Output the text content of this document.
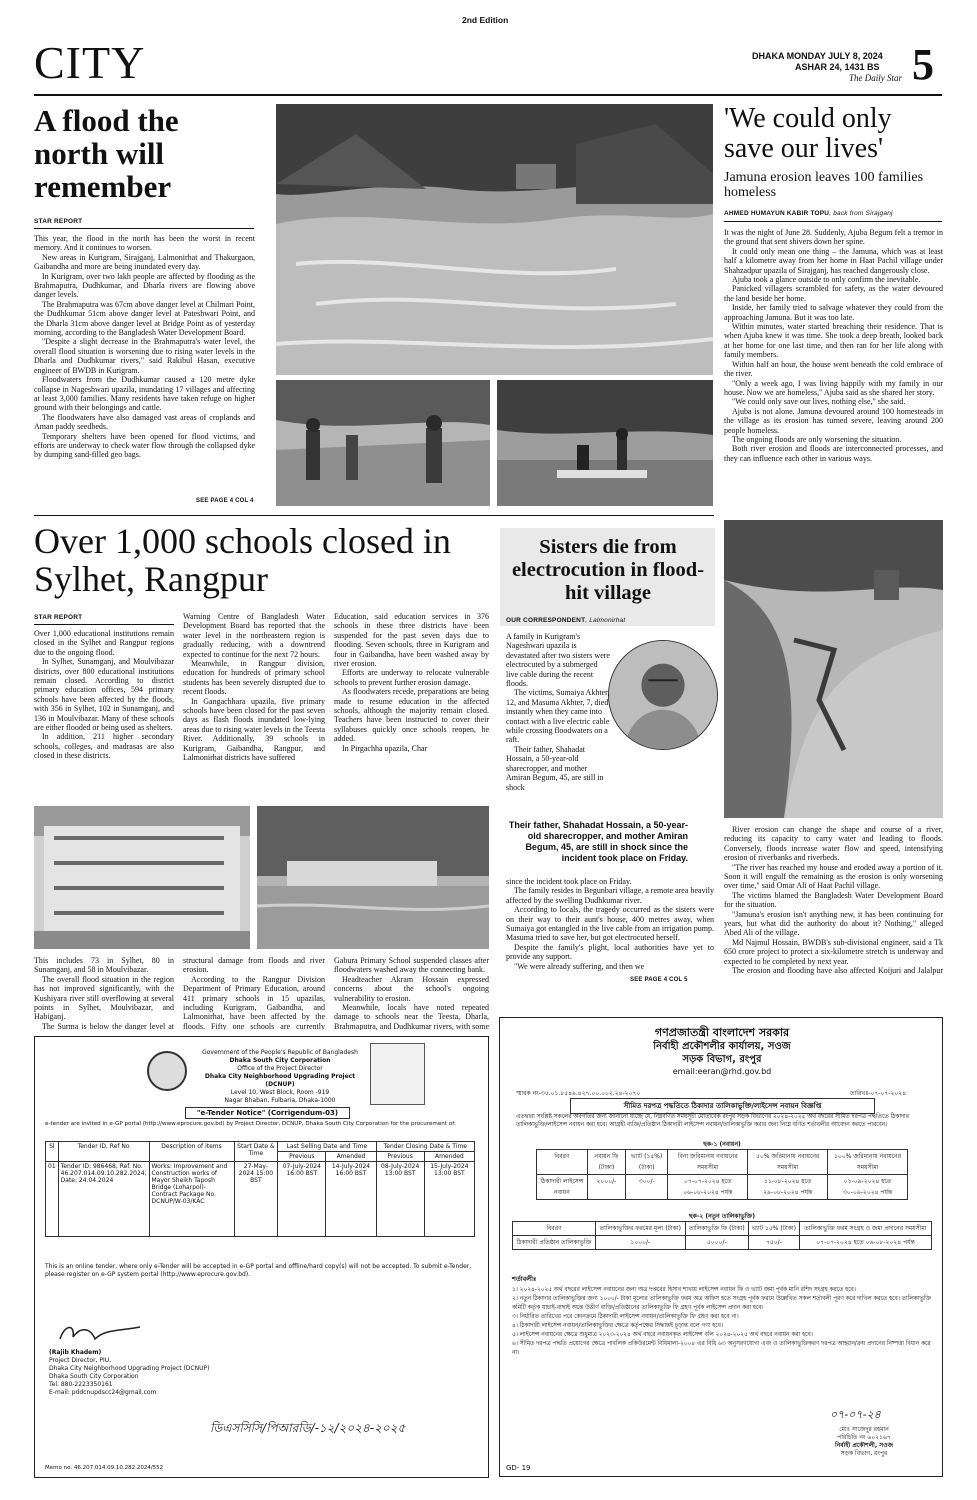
2nd Edition
CITY	DHAKA MONDAY JULY 8, 2024
ASHAR 24, 1431 BS
The Daily Star 5
A flood the north will remember
STAR REPORT

This year, the flood in the north has been the worst in recent memory. And it continues to worsen.

New areas in Kurigram, Sirajganj, Lalmonirhat and Thakurgaon, Gaibandha and more are being inundated every day.

In Kurigram, over two lakh people are affected by flooding as the Brahmaputra, Dudhkumar, and Dharla rivers are flowing above danger levels.

The Brahmaputra was 67cm above danger level at Chilmari Point, the Dudhkumar 51cm above danger level at Pateshwari Point, and the Dharla 31cm above danger level at Bridge Point as of yesterday morning, according to the Bangladesh Water Development Board.

"Despite a slight decrease in the Brahmaputra's water level, the overall flood situation is worsening due to rising water levels in the Dharla and Dudhkumar rivers," said Rakibul Hasan, executive engineer of BWDB in Kurigram.

Floodwaters from the Dudhkumar caused a 120 metre dyke collapse in Nageshwari upazila, inundating 17 villages and affecting at least 3,000 families. Many residents have taken refuge on higher ground with their belongings and cattle.

The floodwaters have also damaged vast areas of croplands and Aman paddy seedbeds.

Temporary shelters have been opened for flood victims, and efforts are underway to check water flow through the collapsed dyke by dumping sand-filled geo bags.

SEE PAGE 4 COL 4
'We could only save our lives'
Jamuna erosion leaves 100 families homeless
AHMED HUMAYUN KABIR TOPU, back from Sirajganj

It was the night of June 28. Suddenly, Ajuba Begum felt a tremor in the ground that sent shivers down her spine.

It could only mean one thing – the Jamuna, which was at least half a kilometre away from her home in Haat Pachil village under Shahzadpur upazila of Sirajganj, has reached dangerously close.

Ajuba took a glance outside to only confirm the inevitable.

Panicked villagers scrambled for safety, as the water devoured the land beside her home.

Inside, her family tried to salvage whatever they could from the approaching Jamuna. But it was too late.

Within minutes, water started breaching their residence. That is when Ajuba knew it was time. She took a deep breath, looked back at her home for one last time, and then ran for her life along with family members.

Within half an hour, the house went beneath the cold embrace of the river.

"Only a week ago, I was living happily with my family in our house. Now we are homeless," Ajuba said as she shared her story.

"We could only save our lives, nothing else," she said.

Ajuba is not alone. Jamuna devoured around 100 homesteads in the village as its erosion has turned severe, leaving around 200 people homeless.

The ongoing floods are only worsening the situation.

Both river erosion and floods are interconnected processes, and they can influence each other in various ways.

River erosion can change the shape and course of a river, reducing its capacity to carry water and leading to floods. Conversely, floods increase water flow and speed, intensifying erosion of riverbanks and riverbeds.

"The river has reached my house and eroded away a portion of it. Soon it will engulf the remaining as the erosion is only worsening over time," said Omar Ali of Haat Pachil village.

The victims blamed the Bangladesh Water Development Board for the situation.

"Jamuna's erosion isn't anything new, it has been continuing for years, but what did the authority do about it? Nothing," alleged Abed Ali of the village.

Md Najmul Hossain, BWDB's sub-divisional engineer, said a Tk 650 crore project to protect a six-kilometre stretch is underway and expected to be completed by next year.

The erosion and flooding have also affected Koijuri and Jalalpur

Over 1,000 schools closed in Sylhet, Rangpur
STAR REPORT

Over 1,000 educational institutions remain closed in the Sylhet and Rangpur regions due to the ongoing flood.

In Sylhet, Sunamganj, and Moulvibazar districts, over 800 educational institutions remain closed. According to district primary education offices, 594 primary schools have been affected by the floods, with 356 in Sylhet, 102 in Sunamganj, and 136 in Moulvibazar. Many of these schools are either flooded or being used as shelters.

In addition, 211 higher secondary schools, colleges, and madrasas are also closed in these districts.

Warning Centre of Bangladesh Water Development Board has reported that the water level in the northeastern region is gradually reducing, with a downtrend expected to continue for the next 72 hours.

Meanwhile, in Rangpur division, education for hundreds of primary school students has been severely disrupted due to recent floods.

In Gangachhara upazila, five primary schools have been closed for the past seven days as flash floods inundated low-lying areas due to rising water levels in the Teesta River. Additionally, 39 schools in Kurigram, Gaibandha, Rangpur, and Lalmonirhat districts have suffered

Education, said education services in 376 schools in these three districts have been suspended for the past seven days due to flooding. Seven schools, three in Kurigram and four in Gaibandha, have been washed away by river erosion.

Efforts are underway to relocate vulnerable schools to prevent further erosion damage.

As floodwaters recede, preparations are being made to resume education in the affected schools, although the majority remain closed. Teachers have been instructed to cover their syllabuses quickly once schools reopen, he added.

In Pirgachha upazila, Char

This includes 73 in Sylhet, 80 in Sunamganj, and 58 in Moulvibazar.

The overall flood situation in the region has not improved significantly, with the Kushiyara river still overflowing at several points in Sylhet, Moulvibazar, and Habiganj.

The Surma is below the danger level at

structural damage from floods and river erosion.

According to the Rangpur Division Department of Primary Education, around 411 primary schools in 15 upazilas, including Kurigram, Gaibandha, and Lalmonirhat, have been affected by the floods. Fifty one schools are currently

Gabura Primary School suspended classes after floodwaters washed away the connecting bank.

Headteacher Akram Hossain expressed concerns about the school's ongoing vulnerability to erosion.

Meanwhile, locals have noted repeated damage to schools near the Teesta, Dharla, Brahmaputra, and Dudhkumar rivers, with some

Sisters die from electrocution in flood-hit village
OUR CORRESPONDENT, Lalmonirhat

A family in Kurigram's Nageshwari upazila is devastated after two sisters were electrocuted by a submerged live cable during the recent floods.

The victims, Sumaiya Akhter, 12, and Masuma Akhter, 7, died instantly when they came into contact with a live electric cable while crossing floodwaters on a raft.

Their father, Shahadat Hossain, a 50-year-old sharecropper, and mother Amiran Begum, 45, are still in shock

Their father, Shahadat Hossain, a 50-year-old sharecropper, and mother Amiran Begum, 45, are still in shock since the incident took place on Friday.

since the incident took place on Friday.

The family resides in Begunbari village, a remote area heavily affected by the swelling Dudhkumar river.

According to locals, the tragedy occurred as the sisters were on their way to their aunt's house, 400 metres away, when Sumaiya got entangled in the live cable from an irrigation pump. Masuma tried to save her, but got electrocuted herself.

Despite the family's plight, local authorities have yet to provide any support.

"We were already suffering, and then we

SEE PAGE 4 COL 5
Government of the People's Republic of Bangladesh
Dhaka South City Corporation
Office of the Project Director
Dhaka City Neighborhood Upgrading Project (DCNUP)
Level 10, West Block, Room -919
Nagar Bhaban, Fulbaria, Dhaka-1000
"e-Tender Notice" (Corrigendum-03)
e-tender are invited in e-GP portal (http://www.eprocure.gov.bd) by Project Director, DCNUP, Dhaka South City Corporation for the procurement of:
Sl	Tender ID, Ref No	Description of items	Start Date & Time	Last Selling Date and Time		Tender Closing Date & Time	
				Previous	Amended	Previous	Amended
01	Tender ID: 986468, Ref. No. 46.207.014.09.10.282.2024, Date: 24.04.2024	Works: Improvement and Construction works of Mayor Sheikh Taposh Bridge (Loharpol)- Contract Package No. DCNUP/W-03/KAC	27-May-2024 15:00 BST	07-July-2024 16:00 BST	14-July-2024 16:00 BST	08-July-2024 13:00 BST	15-July-2024 13:00 BST
This is an online tender, where only e-Tender will be accepted in e-GP portal and offline/hard copy(s) will not be accepted. To submit e-Tender, please register on e-GP system portal (http://www.eprocure.gov.bd).
(Rajib Khadem)
Project Director, PIU,
Dhaka City Neighborhood Upgrading Project (DCNUP)
Dhaka South City Corporation
Tel. 880-2223350161
E-mail: pddcnupdscc24@gmail.com
ডিএসসিসি/পিআরডি/-১২/২০২৪-২০২৫
Memo no. 46.207.014.09.10.282.2024/552
গণপ্রজাতন্ত্রী বাংলাদেশ সরকার
নির্বাহী প্রকৌশলীর কার্যালয়, সওজ
সড়ক বিভাগ, রংপুর
email:eeran@rhd.gov.bd
স্মারক নং-৩৫.০১.৮৫৪৯.৪২৭.০০.০০২.২৪-২০৭০	তারিখঃ-০৭-০৭-২০২৪
সীমিত দরপত্র পদ্ধতিতে ঠিকাদার তালিকাভুক্তি/লাইসেন্স নবায়ন বিজ্ঞপ্তি
এতদ্বারা সংশ্লিষ্ট সকলের অবগতির জন্য জানানো যাচ্ছে যে, নিম্নবর্ণিত সময়সূচী মোতাবেক রংপুর সড়ক বিভাগের ২০২৪-২০২৫ অর্থ বছরের সীমিত দরপত্র পদ্ধতিতে ঠিকাদার তালিকাভুক্তি/লাইসেন্স নবায়ন করা হবে। আগ্রহী ব্যক্তি/প্রতিষ্ঠান ঠিকাদারী লাইসেন্স নবায়ন/তালিকাভুক্তি করার জন্য নিম্নে বর্ণিত শর্তাবলীর আবেদন করতে পারবেন।
ছক-১ (নবায়ন)
বিবরণ	নবায়ন ফি (টাকা)	ভ্যাট (১৫%) (টাকা)	বিনা জরিমানায় নবায়নের সময়সীমা	৫০% জরিমানায় নবায়নের সময়সীমা	১০০% জরিমানায় নবায়নের সময়সীমা
ঠিকাদারী লাইসেন্স নবায়ন	২০০০/-	৩০০/-	০৭-০৭-২০২৪ হতে ০৬-০৮-২০২৪ পর্যন্ত	১১-০৮-২০২৪ হতে ২৯-০৮-২০২৪ পর্যন্ত	০১-০৯-২০২৪ হতে ৩০-০৯-২০২৪ পর্যন্ত
ছক-২ (নতুন তালিকাভুক্তি)
বিবরণ	তালিকাভুক্তির ফরমের মূল্য (টাকা)	তালিকাভুক্তি ফি (টাকা)	ভ্যাট ১৫% (টাকা)	তালিকাভুক্তি ফরম সংগ্রহ ও জমা প্রদানের সময়সীমা
ঠিকাদারী প্রতিষ্ঠান তালিকাভুক্তি	১০০০/-	৫০০০/-	৭৫০/-	০৭-০৭-২০২৪ হতে ০৬-০৮-২০২৪ পর্যন্ত
শর্তাবলীঃ
১। ২০২৪-২০২৫ অর্থ বছরের লাইসেন্স নবায়নের জন্য অত্র দপ্তরের হিসাব শাখায় লাইসেন্স নবায়ন ফি ও ভ্যাট জমা পূর্বক মানি রশিদ সংগ্রহ করতে হবে।
২। নতুন ঠিকাদার তালিকাভুক্তির জন্য ১০০০/- টাকা মূল্যের তালিকাভুক্তি ফরম অত্র অফিস হতে সংগ্রহ পূর্বক ফরমে উল্লেখিত সকল শর্তাবলী পূরণ করে দাখিল করতে হবে। তালিকাভুক্তি কমিটি কর্তৃক যাচাই-বাছাই অন্তে উত্তীর্ণ ব্যক্তি/প্রতিষ্ঠানের তালিকাভুক্তি ফি গ্রহণ পূর্বক লাইসেন্স প্রদান করা হবে।
৩। নির্ধারিত তারিখের পরে কোনক্রমে ঠিকাদারী লাইসেন্স নবায়ন/তালিকাভুক্তি ফি গ্রহণ করা হবে না।
৪। ঠিকাদারী লাইসেন্স নবায়ন/তালিকাভুক্তির ক্ষেত্রে কর্তৃপক্ষের সিদ্ধান্তই চূড়ান্ত বলে গণ্য হবে।
৫। লাইসেন্স নবায়নের ক্ষেত্রে শুধুমাত্র ২০২৩-২০২৪ অর্থ বছরে নবায়নকৃত লাইসেন্স বলি ২০২৪-২০২৫ অর্থ বছরে নবায়ন করা হবে।
৬। সীমিত দরপত্র পদ্ধতি প্রয়োগের ক্ষেত্রে পাবলিক প্রকিউরমেন্ট বিধিমালা-২০০৮ এর বিধি ৬৩ অনুসরণযোগ্য এবং ও তালিকাভুক্তিকরণ দরপত্র আহ্বান/ক্রয় প্রদানের নিষ্পত্তা বিধান করে না।
০৭-০৭-২৪
মোঃ সাজেদুর রহমান
পরিচিতি নং ৬০২১৬৭
নির্বাহী প্রকৌশলী, সওজ
সড়ক বিভাগ, রংপুর
GD- 19
